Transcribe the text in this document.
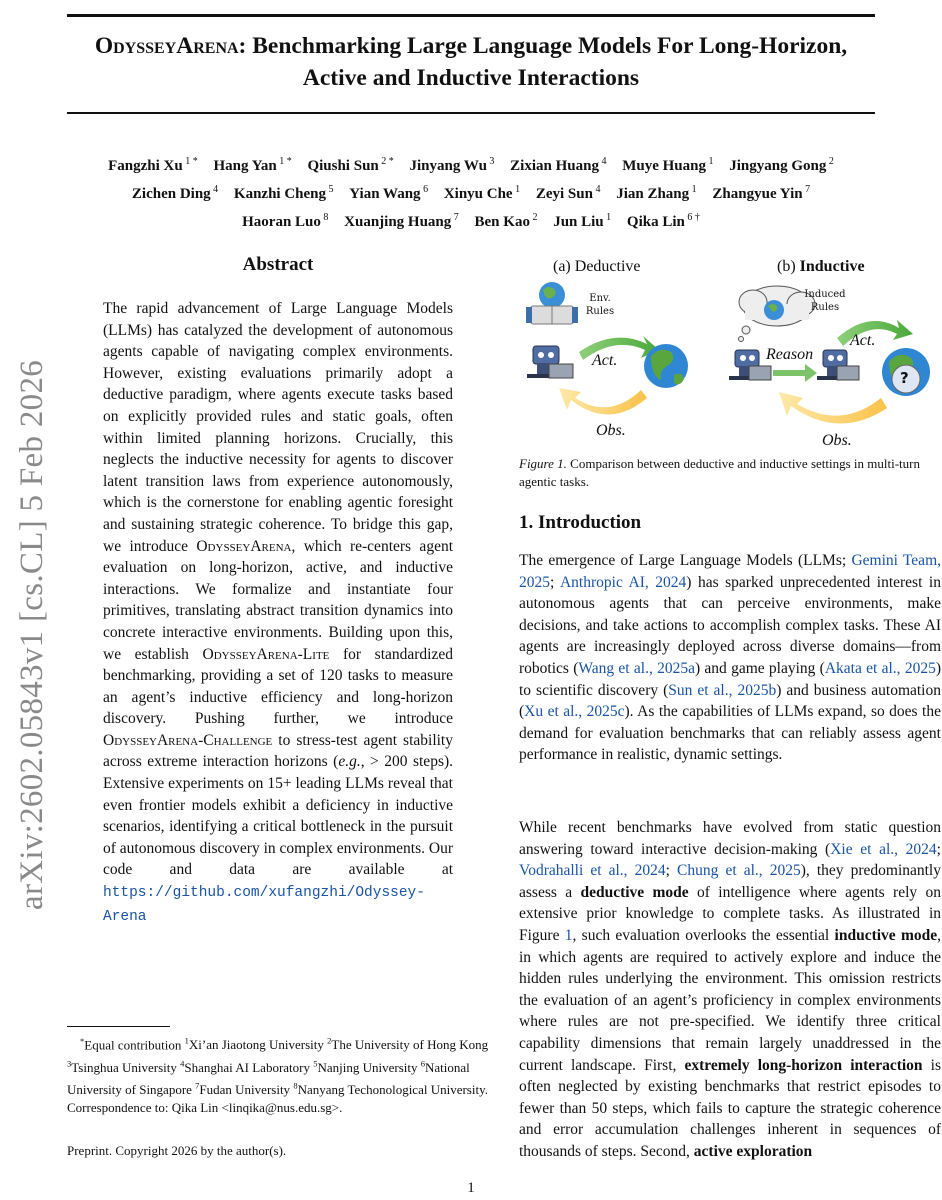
OdysseyArena: Benchmarking Large Language Models For Long-Horizon,
Active and Inductive Interactions
Fangzhi Xu $^{1 *}$ Hang Yan $^{1 *}$ Qiushi Sun $^{2 *}$ Jinyang Wu $^3$ Zixian Huang $^4$ Muye Huang $^1$ Jingyang Gong $^2$
Zichen Ding $^4$ Kanzhi Cheng $^5$ Yian Wang $^6$ Xinyu Che $^1$ Zeyi Sun $^4$ Jian Zhang $^1$ Zhangyue Yin $^7$
Haoran Luo $^8$ Xuanjing Huang $^7$ Ben Kao $^2$ Jun Liu $^1$ Qika Lin $^{6 \dagger}$
arXiv:2602.05843v1 [cs.CL] 5 Feb 2026
Abstract
The rapid advancement of Large Language Models (LLMs) has catalyzed the development of autonomous agents capable of navigating complex environments. However, existing evaluations primarily adopt a deductive paradigm, where agents execute tasks based on explicitly provided rules and static goals, often within limited planning horizons. Crucially, this neglects the inductive necessity for agents to discover latent transition laws from experience autonomously, which is the cornerstone for enabling agentic foresight and sustaining strategic coherence. To bridge this gap, we introduce OdysseyArena, which re-centers agent evaluation on long-horizon, active, and inductive interactions. We formalize and instantiate four primitives, translating abstract transition dynamics into concrete interactive environments. Building upon this, we establish OdysseyArena-Lite for standardized benchmarking, providing a set of 120 tasks to measure an agent’s inductive efficiency and long-horizon discovery. Pushing further, we introduce OdysseyArena-Challenge to stress-test agent stability across extreme interaction horizons (e.g., > 200 steps). Extensive experiments on 15+ leading LLMs reveal that even frontier models exhibit a deficiency in inductive scenarios, identifying a critical bottleneck in the pursuit of autonomous discovery in complex environments. Our code and data are available at https://github.com/xufangzhi/Odyssey-Arena
*Equal contribution $^1$Xi’an Jiaotong University $^2$The University of Hong Kong $^3$Tsinghua University $^4$Shanghai AI Laboratory $^5$Nanjing University $^6$National University of Singapore $^7$Fudan University $^8$Nanyang Techonological University. Correspondence to: Qika Lin <linqika@nus.edu.sg>.
Preprint. Copyright 2026 by the author(s).
(a) Deductive	(b) Inductive
Env.
Rules
Induced
Rules
Act.
Obs.
Reason
Act.
Obs.
?
Figure 1. Comparison between deductive and inductive settings in multi-turn agentic tasks.
1. Introduction
The emergence of Large Language Models (LLMs; Gemini Team, 2025; Anthropic AI, 2024) has sparked unprecedented interest in autonomous agents that can perceive environments, make decisions, and take actions to accomplish complex tasks. These AI agents are increasingly deployed across diverse domains—from robotics (Wang et al., 2025a) and game playing (Akata et al., 2025) to scientific discovery (Sun et al., 2025b) and business automation (Xu et al., 2025c). As the capabilities of LLMs expand, so does the demand for evaluation benchmarks that can reliably assess agent performance in realistic, dynamic settings.
While recent benchmarks have evolved from static question answering toward interactive decision-making (Xie et al., 2024; Vodrahalli et al., 2024; Chung et al., 2025), they predominantly assess a deductive mode of intelligence where agents rely on extensive prior knowledge to complete tasks. As illustrated in Figure 1, such evaluation overlooks the essential inductive mode, in which agents are required to actively explore and induce the hidden rules underlying the environment. This omission restricts the evaluation of an agent’s proficiency in complex environments where rules are not pre-specified. We identify three critical capability dimensions that remain largely unaddressed in the current landscape. First, extremely long-horizon interaction is often neglected by existing benchmarks that restrict episodes to fewer than 50 steps, which fails to capture the strategic coherence and error accumulation challenges inherent in sequences of thousands of steps. Second, active exploration
1
